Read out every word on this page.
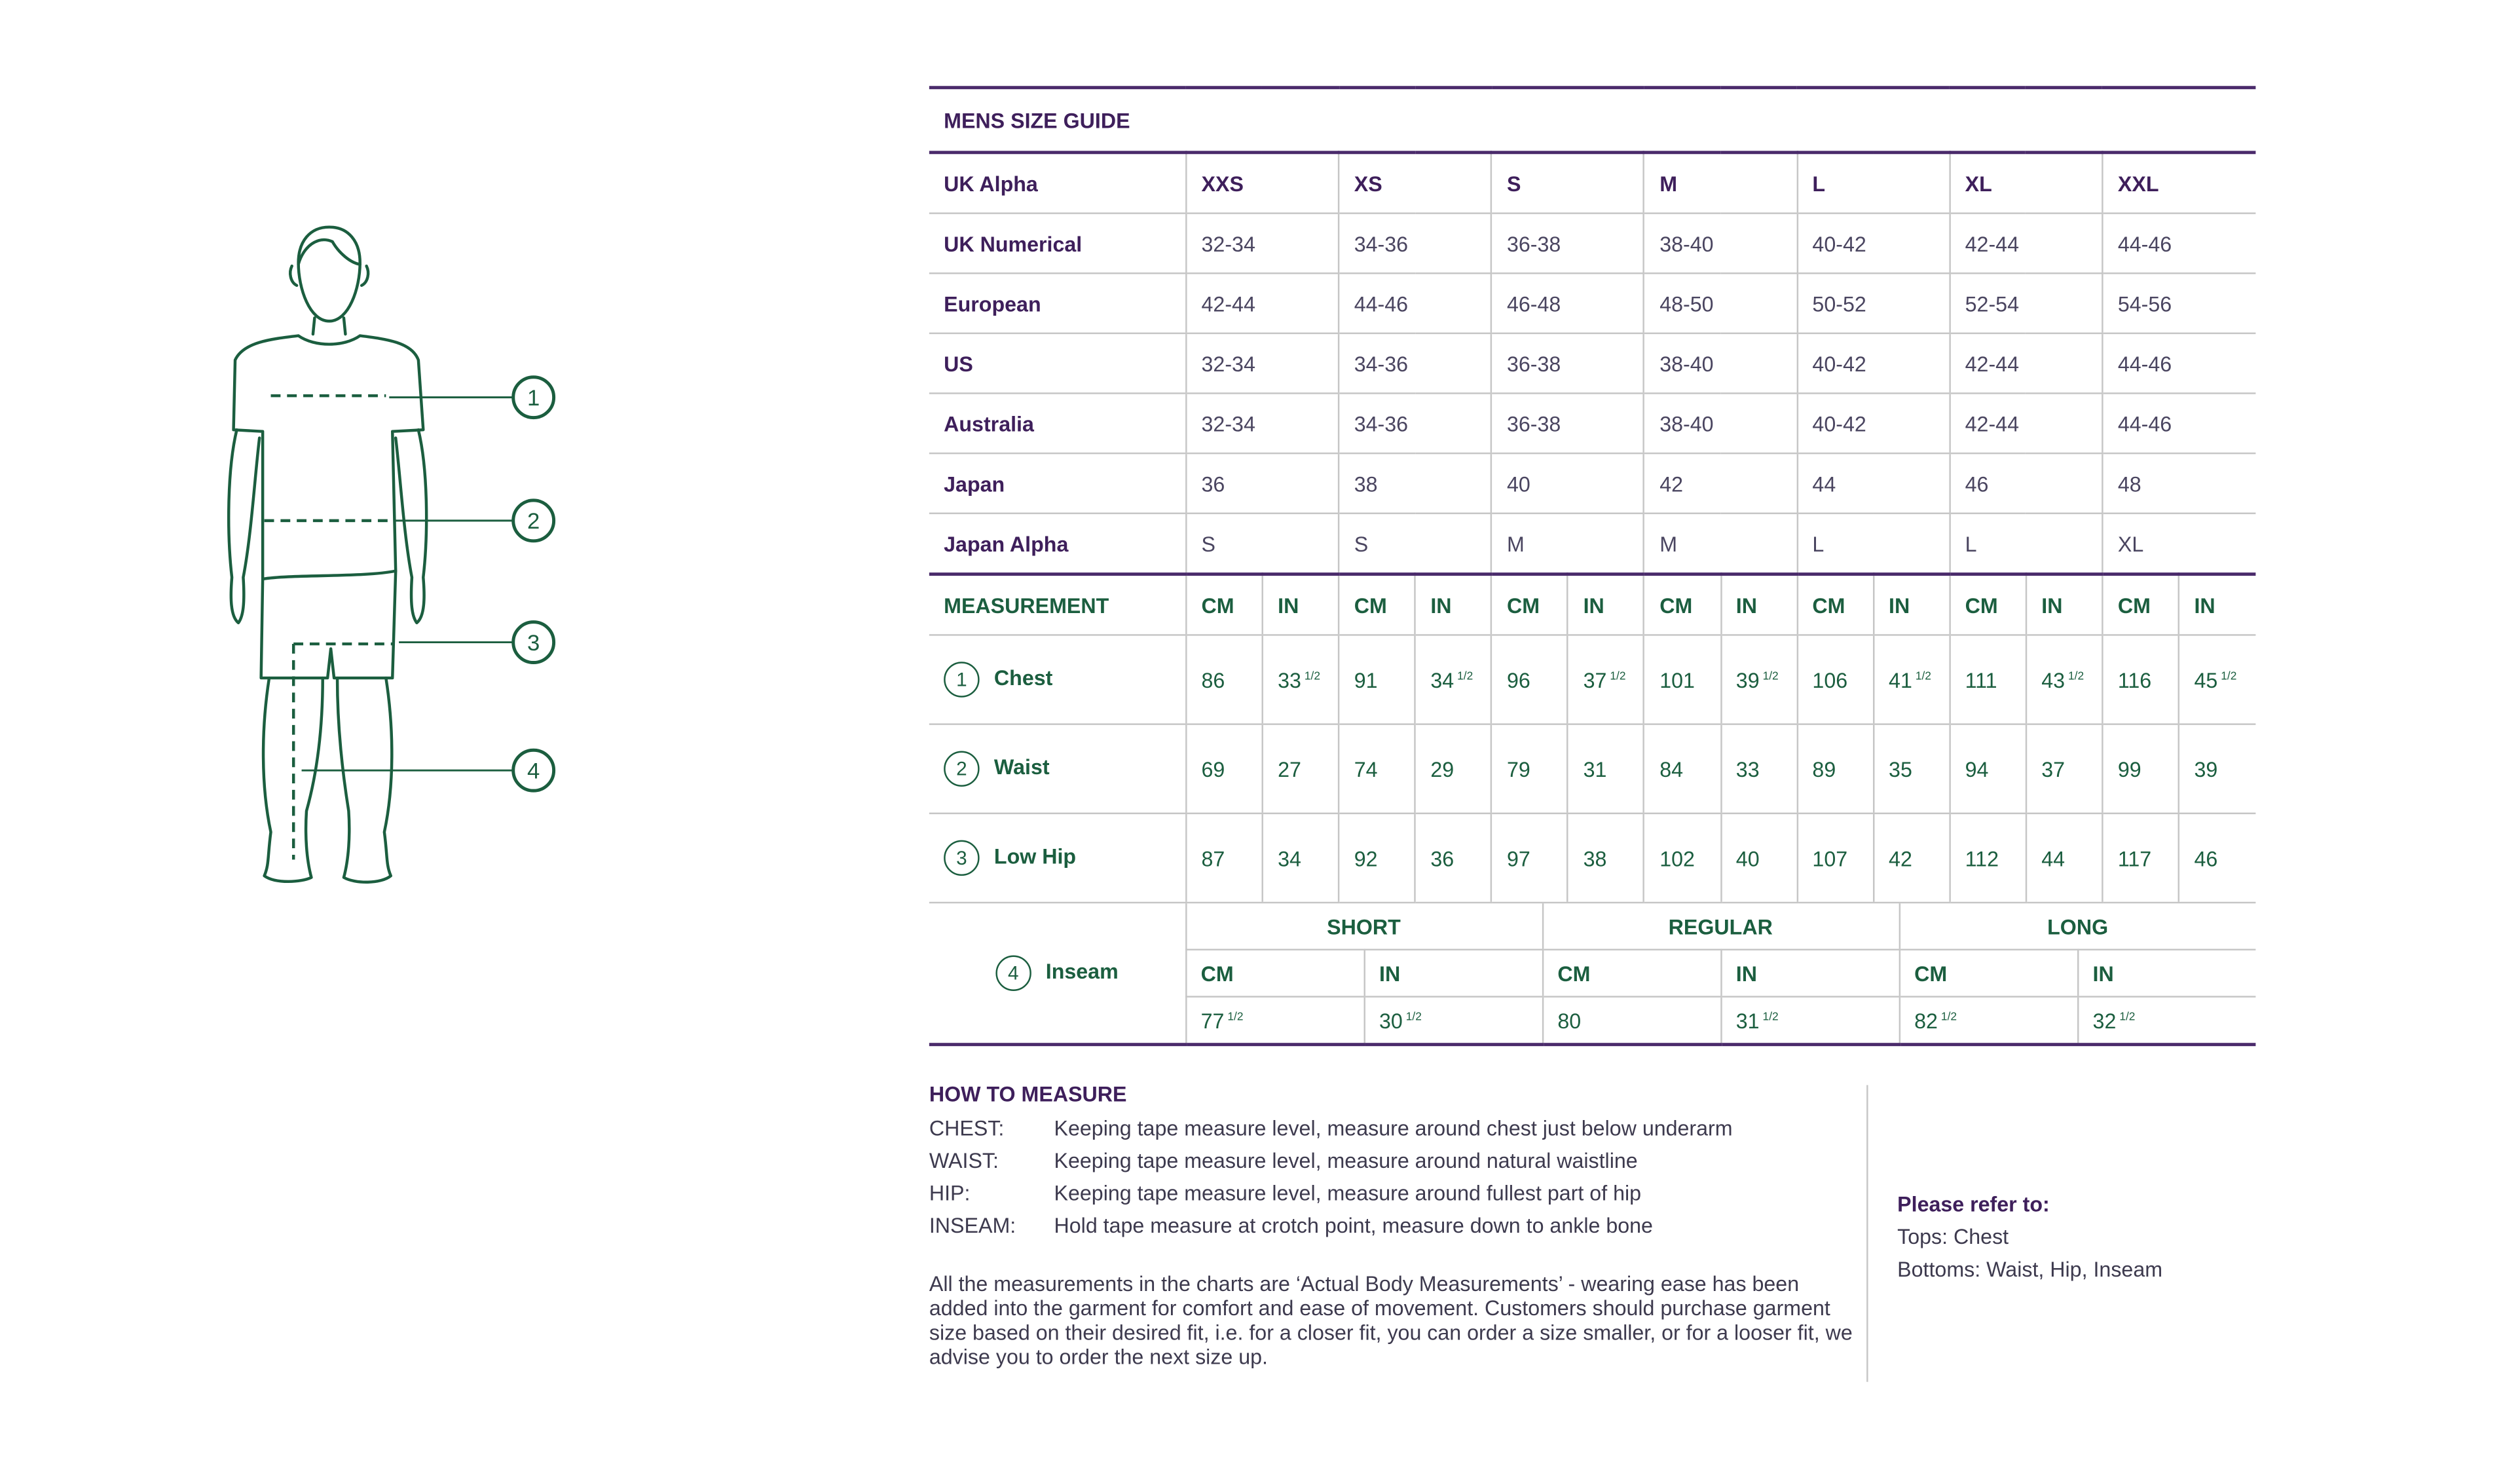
1
2
3
4
MENS SIZE GUIDE														
UK Alpha	XXS		XS		S		M		L		XL		XXL	
UK Numerical	32-34		34-36		36-38		38-40		40-42		42-44		44-46	
European	42-44		44-46		46-48		48-50		50-52		52-54		54-56	
US	32-34		34-36		36-38		38-40		40-42		42-44		44-46	
Australia	32-34		34-36		36-38		38-40		40-42		42-44		44-46	
Japan	36		38		40		42		44		46		48	
Japan Alpha	S		S		M		M		L		L		XL	
MEASUREMENT	CM	IN	CM	IN	CM	IN	CM	IN	CM	IN	CM	IN	CM	IN
1 Chest	86	33 $^{1/2}$	91	34 $^{1/2}$	96	37 $^{1/2}$	101	39 $^{1/2}$	106	41 $^{1/2}$	111	43 $^{1/2}$	116	45 $^{1/2}$
2 Waist	69	27	74	29	79	31	84	33	89	35	94	37	99	39
3 Low Hip	87	34	92	36	97	38	102	40	107	42	112	44	117	46
4 Inseam	SHORT		REGULAR		LONG	
	CM	IN	CM	IN	CM	IN
	77 $^{1/2}$	30 $^{1/2}$	80	31 $^{1/2}$	82 $^{1/2}$	32 $^{1/2}$
HOW TO MEASURE
CHEST:	Keeping tape measure level, measure around chest just below underarm
WAIST:	Keeping tape measure level, measure around natural waistline
HIP:	Keeping tape measure level, measure around fullest part of hip
INSEAM:	Hold tape measure at crotch point, measure down to ankle bone

All the measurements in the charts are ‘Actual Body Measurements’ - wearing ease has been added into the garment for comfort and ease of movement. Customers should purchase garment size based on their desired fit, i.e. for a closer fit, you can order a size smaller, or for a looser fit, we advise you to order the next size up.

Please refer to:
Tops: Chest
Bottoms: Waist, Hip, Inseam
